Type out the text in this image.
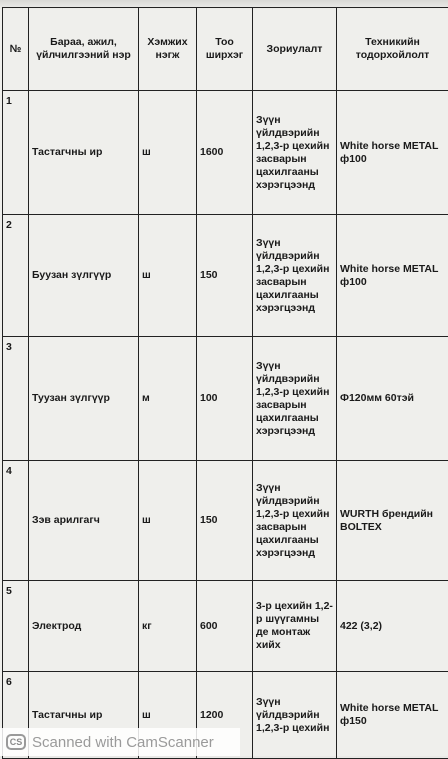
№	Бараа, ажил, үйлчилгээний нэр	Хэмжих нэгж	Тоо ширхэг	Зориулалт	Техникийн тодорхойлолт
1	Тастагчны ир	ш	1600	Зүүн үйлдвэрийн 1,2,3-р цехийн засварын цахилгааны хэрэгцээнд	White horse METAL ф100
2	Буузан зүлгүүр	ш	150	Зүүн үйлдвэрийн 1,2,3-р цехийн засварын цахилгааны хэрэгцээнд	White horse METAL ф100
3	Туузан зүлгүүр	м	100	Зүүн үйлдвэрийн 1,2,3-р цехийн засварын цахилгааны хэрэгцээнд	Ф120мм 60тэй
4	Зэв арилгагч	ш	150	Зүүн үйлдвэрийн 1,2,3-р цехийн засварын цахилгааны хэрэгцээнд	WURTH брендийн BOLTEX
5	Электрод	кг	600	3-р цехийн 1,2-р шүүгамны де монтаж хийх	422 (3,2)
6	Тастагчны ир	ш	1200	Зүүн үйлдвэрийн 1,2,3-р цехийн	White horse METAL ф150
CS Scanned with CamScanner
